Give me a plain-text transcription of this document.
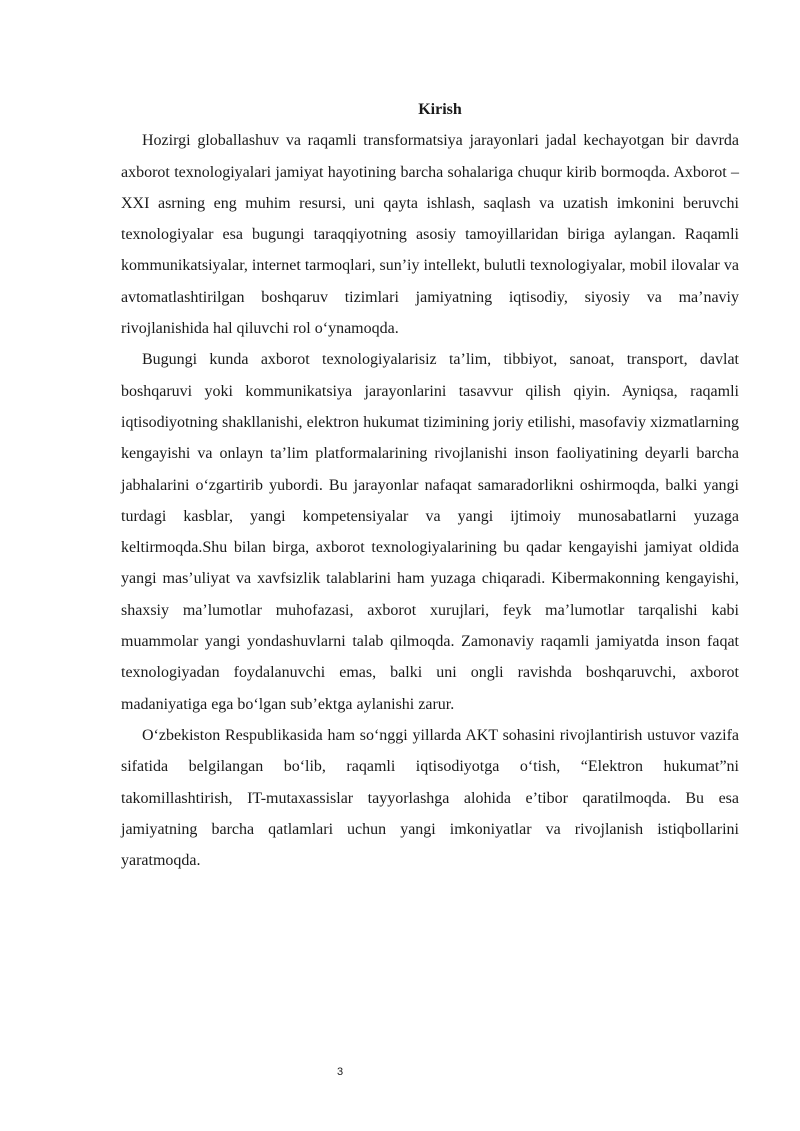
Kirish

Hozirgi globallashuv va raqamli transformatsiya jarayonlari jadal kechayotgan bir davrda axborot texnologiyalari jamiyat hayotining barcha sohalariga chuqur kirib bormoqda. Axborot – XXI asrning eng muhim resursi, uni qayta ishlash, saqlash va uzatish imkonini beruvchi texnologiyalar esa bugungi taraqqiyotning asosiy tamoyillaridan biriga aylangan. Raqamli kommunikatsiyalar, internet tarmoqlari, sun’iy intellekt, bulutli texnologiyalar, mobil ilovalar va avtomatlashtirilgan boshqaruv tizimlari jamiyatning iqtisodiy, siyosiy va ma’naviy rivojlanishida hal qiluvchi rol o‘ynamoqda.

Bugungi kunda axborot texnologiyalarisiz ta’lim, tibbiyot, sanoat, transport, davlat boshqaruvi yoki kommunikatsiya jarayonlarini tasavvur qilish qiyin. Ayniqsa, raqamli iqtisodiyotning shakllanishi, elektron hukumat tizimining joriy etilishi, masofaviy xizmatlarning kengayishi va onlayn ta’lim platformalarining rivojlanishi inson faoliyatining deyarli barcha jabhalarini o‘zgartirib yubordi. Bu jarayonlar nafaqat samaradorlikni oshirmoqda, balki yangi turdagi kasblar, yangi kompetensiyalar va yangi ijtimoiy munosabatlarni yuzaga keltirmoqda.Shu bilan birga, axborot texnologiyalarining bu qadar kengayishi jamiyat oldida yangi mas’uliyat va xavfsizlik talablarini ham yuzaga chiqaradi. Kibermakonning kengayishi, shaxsiy ma’lumotlar muhofazasi, axborot xurujlari, feyk ma’lumotlar tarqalishi kabi muammolar yangi yondashuvlarni talab qilmoqda. Zamonaviy raqamli jamiyatda inson faqat texnologiyadan foydalanuvchi emas, balki uni ongli ravishda boshqaruvchi, axborot madaniyatiga ega bo‘lgan sub’ektga aylanishi zarur.

O‘zbekiston Respublikasida ham so‘nggi yillarda AKT sohasini rivojlantirish ustuvor vazifa sifatida belgilangan bo‘lib, raqamli iqtisodiyotga o‘tish, “Elektron hukumat”ni takomillashtirish, IT-mutaxassislar tayyorlashga alohida e’tibor qaratilmoqda. Bu esa jamiyatning barcha qatlamlari uchun yangi imkoniyatlar va rivojlanish istiqbollarini yaratmoqda.

3
